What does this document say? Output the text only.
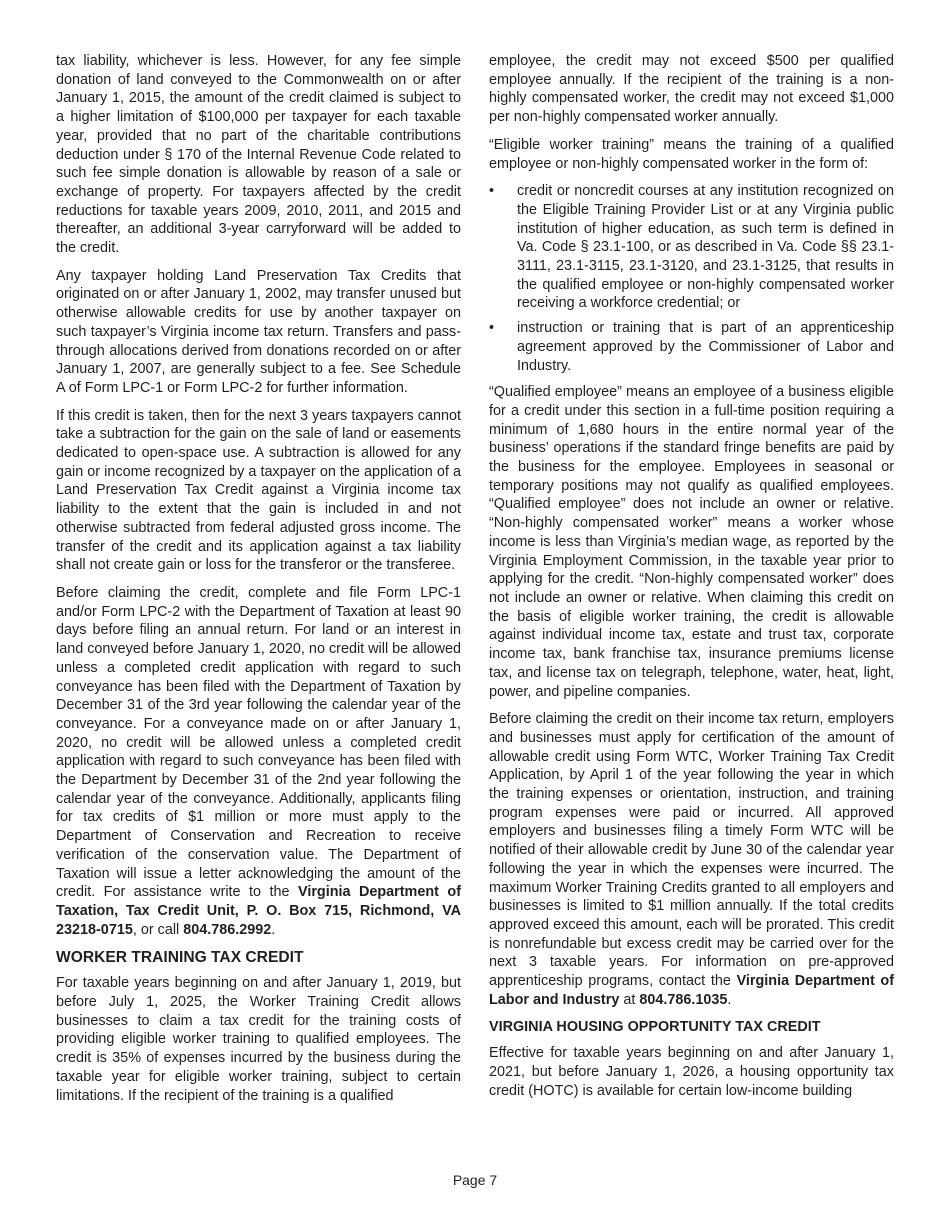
tax liability, whichever is less. However, for any fee simple donation of land conveyed to the Commonwealth on or after January 1, 2015, the amount of the credit claimed is subject to a higher limitation of $100,000 per taxpayer for each taxable year, provided that no part of the charitable contributions deduction under § 170 of the Internal Revenue Code related to such fee simple donation is allowable by reason of a sale or exchange of property. For taxpayers affected by the credit reductions for taxable years 2009, 2010, 2011, and 2015 and thereafter, an additional 3-year carryforward will be added to the credit.

Any taxpayer holding Land Preservation Tax Credits that originated on or after January 1, 2002, may transfer unused but otherwise allowable credits for use by another taxpayer on such taxpayer’s Virginia income tax return. Transfers and pass-through allocations derived from donations recorded on or after January 1, 2007, are generally subject to a fee. See Schedule A of Form LPC-1 or Form LPC-2 for further information.

If this credit is taken, then for the next 3 years taxpayers cannot take a subtraction for the gain on the sale of land or easements dedicated to open-space use. A subtraction is allowed for any gain or income recognized by a taxpayer on the application of a Land Preservation Tax Credit against a Virginia income tax liability to the extent that the gain is included in and not otherwise subtracted from federal adjusted gross income. The transfer of the credit and its application against a tax liability shall not create gain or loss for the transferor or the transferee.

Before claiming the credit, complete and file Form LPC-1 and/or Form LPC-2 with the Department of Taxation at least 90 days before filing an annual return. For land or an interest in land conveyed before January 1, 2020, no credit will be allowed unless a completed credit application with regard to such conveyance has been filed with the Department of Taxation by December 31 of the 3rd year following the calendar year of the conveyance. For a conveyance made on or after January 1, 2020, no credit will be allowed unless a completed credit application with regard to such conveyance has been filed with the Department by December 31 of the 2nd year following the calendar year of the conveyance. Additionally, applicants filing for tax credits of $1 million or more must apply to the Department of Conservation and Recreation to receive verification of the conservation value. The Department of Taxation will issue a letter acknowledging the amount of the credit. For assistance write to the Virginia Department of Taxation, Tax Credit Unit, P. O. Box 715, Richmond, VA 23218-0715, or call 804.786.2992.

WORKER TRAINING TAX CREDIT

For taxable years beginning on and after January 1, 2019, but before July 1, 2025, the Worker Training Credit allows businesses to claim a tax credit for the training costs of providing eligible worker training to qualified employees. The credit is 35% of expenses incurred by the business during the taxable year for eligible worker training, subject to certain limitations. If the recipient of the training is a qualified

employee, the credit may not exceed $500 per qualified employee annually. If the recipient of the training is a non-highly compensated worker, the credit may not exceed $1,000 per non-highly compensated worker annually.

“Eligible worker training” means the training of a qualified employee or non-highly compensated worker in the form of:

• credit or noncredit courses at any institution recognized on the Eligible Training Provider List or at any Virginia public institution of higher education, as such term is defined in Va. Code § 23.1-100, or as described in Va. Code §§ 23.1-3111, 23.1-3115, 23.1-3120, and 23.1-3125, that results in the qualified employee or non-highly compensated worker receiving a workforce credential; or
• instruction or training that is part of an apprenticeship agreement approved by the Commissioner of Labor and Industry.

“Qualified employee” means an employee of a business eligible for a credit under this section in a full-time position requiring a minimum of 1,680 hours in the entire normal year of the business’ operations if the standard fringe benefits are paid by the business for the employee. Employees in seasonal or temporary positions may not qualify as qualified employees. “Qualified employee” does not include an owner or relative. “Non-highly compensated worker” means a worker whose income is less than Virginia’s median wage, as reported by the Virginia Employment Commission, in the taxable year prior to applying for the credit. “Non-highly compensated worker” does not include an owner or relative. When claiming this credit on the basis of eligible worker training, the credit is allowable against individual income tax, estate and trust tax, corporate income tax, bank franchise tax, insurance premiums license tax, and license tax on telegraph, telephone, water, heat, light, power, and pipeline companies.

Before claiming the credit on their income tax return, employers and businesses must apply for certification of the amount of allowable credit using Form WTC, Worker Training Tax Credit Application, by April 1 of the year following the year in which the training expenses or orientation, instruction, and training program expenses were paid or incurred. All approved employers and businesses filing a timely Form WTC will be notified of their allowable credit by June 30 of the calendar year following the year in which the expenses were incurred. The maximum Worker Training Credits granted to all employers and businesses is limited to $1 million annually. If the total credits approved exceed this amount, each will be prorated. This credit is nonrefundable but excess credit may be carried over for the next 3 taxable years. For information on pre-approved apprenticeship programs, contact the Virginia Department of Labor and Industry at 804.786.1035.

VIRGINIA HOUSING OPPORTUNITY TAX CREDIT

Effective for taxable years beginning on and after January 1, 2021, but before January 1, 2026, a housing opportunity tax credit (HOTC) is available for certain low-income building

Page 7
